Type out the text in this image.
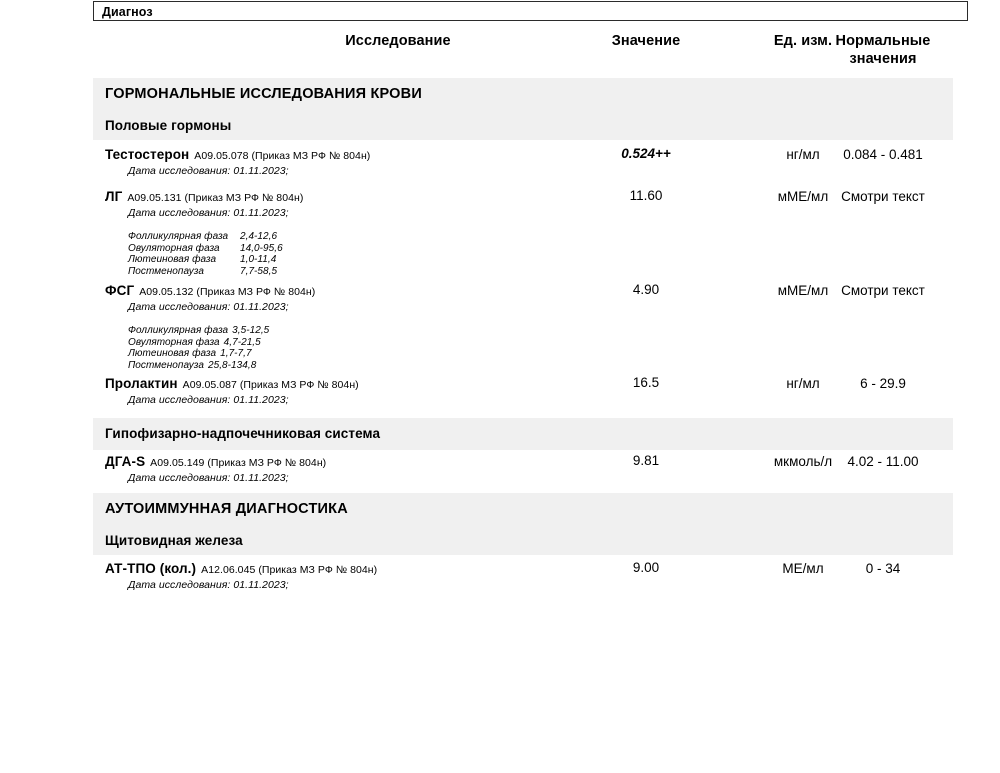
Диагноз
Исследование	Значение	Ед. изм. Нормальные
значения
ГОРМОНАЛЬНЫЕ ИССЛЕДОВАНИЯ КРОВИ
Половые гормоны
Тестостерон A09.05.078 (Приказ МЗ РФ № 804н)
Дата исследования: 01.11.2023;
0.524++	нг/мл	0.084 - 0.481
ЛГ A09.05.131 (Приказ МЗ РФ № 804н)
Дата исследования: 01.11.2023;
Фолликулярная фаза 2,4-12,6
Овуляторная фаза 14,0-95,6
Лютеиновая фаза 1,0-11,4
Постменопауза	7,7-58,5
11.60	мМЕ/мл Смотри текст
ФСГ A09.05.132 (Приказ МЗ РФ № 804н)
Дата исследования: 01.11.2023;
Фолликулярная фаза 3,5-12,5
Овуляторная фаза 4,7-21,5
Лютеиновая фаза 1,7-7,7
Постменопауза 25,8-134,8
4.90	мМЕ/мл Смотри текст
Пролактин A09.05.087 (Приказ МЗ РФ № 804н)
Дата исследования: 01.11.2023;
16.5	нг/мл	6 - 29.9
Гипофизарно-надпочечниковая система
ДГА-S A09.05.149 (Приказ МЗ РФ № 804н)
Дата исследования: 01.11.2023;
9.81	мкмоль/л	4.02 - 11.00
АУТОИММУННАЯ ДИАГНОСТИКА
Щитовидная железа
АТ-ТПО (кол.) A12.06.045 (Приказ МЗ РФ № 804н)
Дата исследования: 01.11.2023;
9.00	МЕ/мл	0 - 34
